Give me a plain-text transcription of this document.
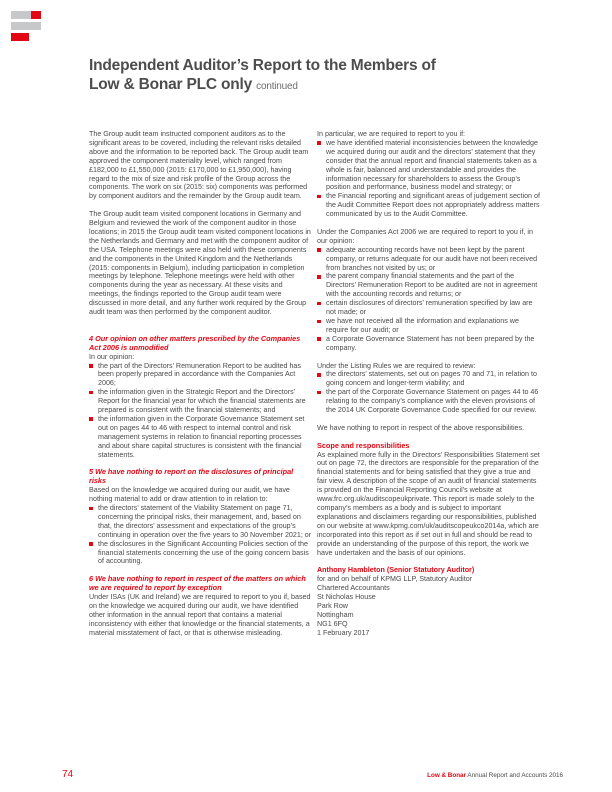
Independent Auditor’s Report to the Members of
Low & Bonar PLC only continued

The Group audit team instructed component auditors as to the significant areas to be covered, including the relevant risks detailed above and the information to be reported back. The Group audit team approved the component materiality level, which ranged from £182,000 to £1,550,000 (2015: £170,000 to £1,950,000), having regard to the mix of size and risk profile of the Group across the components. The work on six (2015: six) components was performed by component auditors and the remainder by the Group audit team.

The Group audit team visited component locations in Germany and Belgium and reviewed the work of the component auditor in those locations; in 2015 the Group audit team visited component locations in the Netherlands and Germany and met with the component auditor of the USA. Telephone meetings were also held with these components and the components in the United Kingdom and the Netherlands (2015: components in Belgium), including participation in completion meetings by telephone. Telephone meetings were held with other components during the year as necessary. At these visits and meetings, the findings reported to the Group audit team were discussed in more detail, and any further work required by the Group audit team was then performed by the component auditor.

4 Our opinion on other matters prescribed by the Companies Act 2006 is unmodified

In our opinion:

the part of the Directors’ Remuneration Report to be audited has been properly prepared in accordance with the Companies Act 2006;
the information given in the Strategic Report and the Directors’ Report for the financial year for which the financial statements are prepared is consistent with the financial statements; and
the information given in the Corporate Governance Statement set out on pages 44 to 46 with respect to internal control and risk management systems in relation to financial reporting processes and about share capital structures is consistent with the financial statements.
5 We have nothing to report on the disclosures of principal risks

Based on the knowledge we acquired during our audit, we have nothing material to add or draw attention to in relation to:

the directors’ statement of the Viability Statement on page 71, concerning the principal risks, their management, and, based on that, the directors’ assessment and expectations of the group’s continuing in operation over the five years to 30 November 2021; or
the disclosures in the Significant Accounting Policies section of the financial statements concerning the use of the going concern basis of accounting.
6 We have nothing to report in respect of the matters on which we are required to report by exception

Under ISAs (UK and Ireland) we are required to report to you if, based on the knowledge we acquired during our audit, we have identified other information in the annual report that contains a material inconsistency with either that knowledge or the financial statements, a material misstatement of fact, or that is otherwise misleading.

In particular, we are required to report to you if:

we have identified material inconsistencies between the knowledge we acquired during our audit and the directors’ statement that they consider that the annual report and financial statements taken as a whole is fair, balanced and understandable and provides the information necessary for shareholders to assess the Group’s position and performance, business model and strategy; or
the Financial reporting and significant areas of judgement section of the Audit Committee Report does not appropriately address matters communicated by us to the Audit Committee.

Under the Companies Act 2006 we are required to report to you if, in our opinion:

adequate accounting records have not been kept by the parent company, or returns adequate for our audit have not been received from branches not visited by us; or
the parent company financial statements and the part of the Directors’ Remuneration Report to be audited are not in agreement with the accounting records and returns; or
certain disclosures of directors’ remuneration specified by law are not made; or
we have not received all the information and explanations we require for our audit; or
a Corporate Governance Statement has not been prepared by the company.

Under the Listing Rules we are required to review:

the directors’ statements, set out on pages 70 and 71, in relation to going concern and longer-term viability; and
the part of the Corporate Governance Statement on pages 44 to 46 relating to the company’s compliance with the eleven provisions of the 2014 UK Corporate Governance Code specified for our review.

We have nothing to report in respect of the above responsibilities.

Scope and responsibilities

As explained more fully in the Directors’ Responsibilities Statement set out on page 72, the directors are responsible for the preparation of the financial statements and for being satisfied that they give a true and fair view. A description of the scope of an audit of financial statements is provided on the Financial Reporting Council’s website at www.frc.org.uk/auditscopeukprivate. This report is made solely to the company’s members as a body and is subject to important explanations and disclaimers regarding our responsibilities, published on our website at www.kpmg.com/uk/auditscopeukco2014a, which are incorporated into this report as if set out in full and should be read to provide an understanding of the purpose of this report, the work we have undertaken and the basis of our opinions.

Anthony Hambleton (Senior Statutory Auditor)
for and on behalf of KPMG LLP, Statutory Auditor
Chartered Accountants
St Nicholas House
Park Row
Nottingham
NG1 6FQ
1 February 2017
74	Low & Bonar Annual Report and Accounts 2016
